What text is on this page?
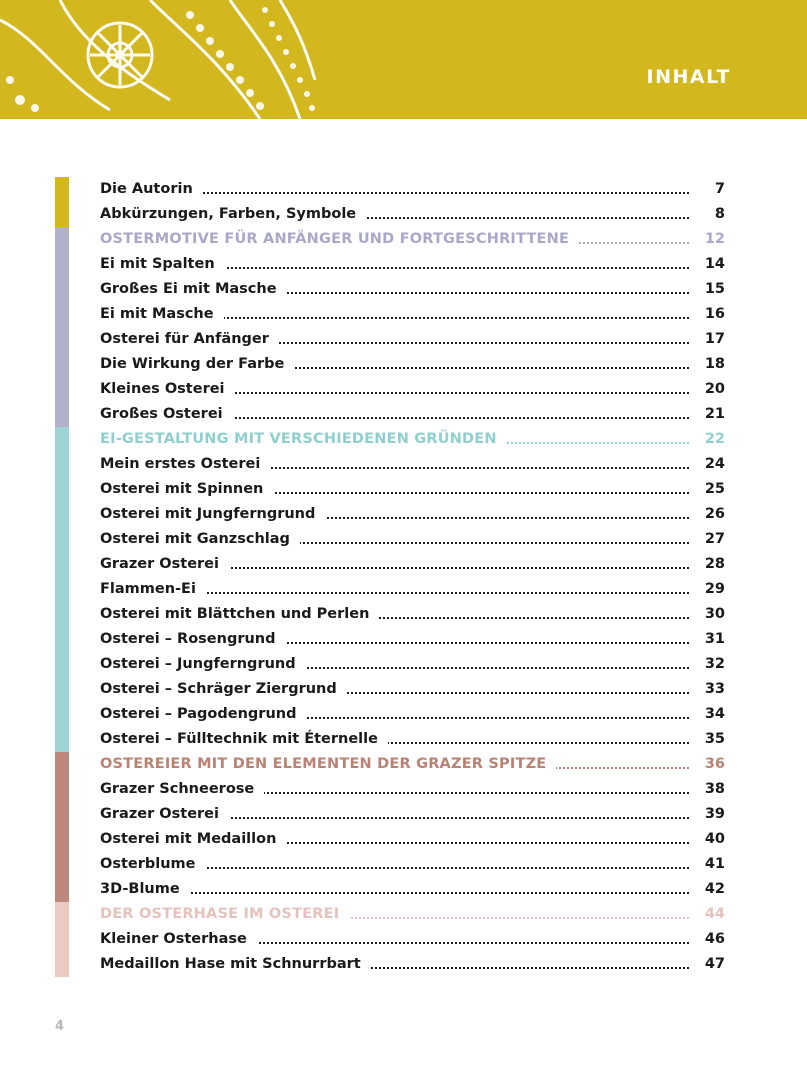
INHALT
Die Autorin	7
Abkürzungen, Farben, Symbole	8
OSTERMOTIVE FÜR ANFÄNGER UND FORTGESCHRITTENE	12
Ei mit Spalten	14
Großes Ei mit Masche	15
Ei mit Masche	16
Osterei für Anfänger	17
Die Wirkung der Farbe	18
Kleines Osterei	20
Großes Osterei	21
EI-GESTALTUNG MIT VERSCHIEDENEN GRÜNDEN	22
Mein erstes Osterei	24
Osterei mit Spinnen	25
Osterei mit Jungferngrund	26
Osterei mit Ganzschlag	27
Grazer Osterei	28
Flammen-Ei	29
Osterei mit Blättchen und Perlen	30
Osterei – Rosengrund	31
Osterei – Jungferngrund	32
Osterei – Schräger Ziergrund	33
Osterei – Pagodengrund	34
Osterei – Fülltechnik mit Éternelle	35
OSTEREIER MIT DEN ELEMENTEN DER GRAZER SPITZE	36
Grazer Schneerose	38
Grazer Osterei	39
Osterei mit Medaillon	40
Osterblume	41
3D-Blume	42
DER OSTERHASE IM OSTEREI	44
Kleiner Osterhase	46
Medaillon Hase mit Schnurrbart	47
4
